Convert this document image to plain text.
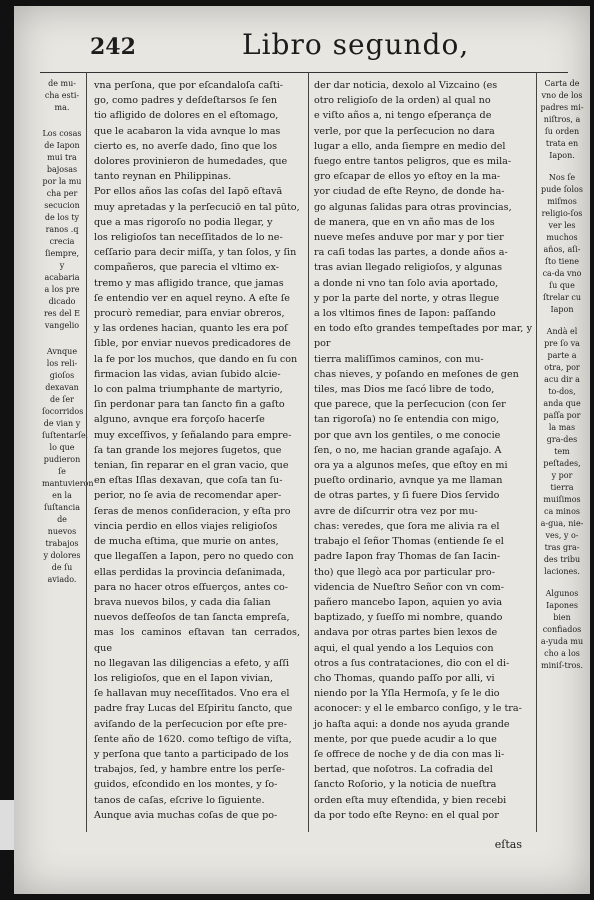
242	Libro segundo,
de mu-cha esti-ma.
Los cosas de Iapon mui tra bajosas por la mu cha per secucion de los ty ranos .q crecia ſiempre, y acabaria a los pre dicado res del E vangelio
Avnque los reli-gioſos dexavan de ſer ſocorridos de vian y ſuſtentarſe, lo que pudieron ſe mantuvieron en la ſuſtancia de nuevos trabajos y dolores de ſu aviado.

vna perſona, que por eſcandaloſa caſti-

go, como padres y deſdeſtarsos ſe ſen

tio afligido de dolores en el eſtomago,

que le acabaron la vida avnque lo mas

cierto es, no averſe dado, ſino que los

dolores provinieron de humedades, que

tanto reynan en Philippinas.

Por ellos años las coſas del Iapō eſtavā

muy apretadas y la perſecuciō en tal pūto,

que a mas rigoroſo no podia llegar, y

los religioſos tan neceſſitados de lo ne-

ceſſario para decir miſſa, y tan ſolos, y ſin

compañeros, que parecia el vltimo ex-

tremo y mas afligido trance, que jamas

ſe entendio ver en aquel reyno. A eſte ſe

procurò remediar, para enviar obreros,

y las ordenes hacian, quanto les era poſ

ſible, por enviar nuevos predicadores de

la fe por los muchos, que dando en ſu con

firmacion las vidas, avian ſubido alcie-

lo con palma triumphante de martyrio,

ſin perdonar para tan ſancto fin a gaſto

alguno, avnque era forçoſo hacerſe

muy exceſſivos, y ſeñalando para empre-

ſa tan grande los mejores ſugetos, que

tenian, ſin reparar en el gran vacio, que

en eſtas Iſlas dexavan, que coſa tan ſu-

perior, no ſe avia de recomendar aper-

ſeras de menos conſideracion, y eſta pro

vincia perdio en ellos viajes religioſos

de mucha eſtima, que murie on antes,

que llegaſſen a Iapon, pero no quedo con

ellas perdidas la provincia deſanimada,

para no hacer otros eſfuerços, antes co-

brava nuevos bilos, y cada dia ſalian

nuevos deſſeoſos de tan ſancta empreſa,

mas los caminos eſtavan tan cerrados, que

no llegavan las diligencias a efeto, y aſſi

los religioſos, que en el Iapon vivian,

ſe hallavan muy neceſſitados. Vno era el

padre fray Lucas del Eſpiritu ſancto, que

aviſando de la perſecucion por eſte pre-

ſente año de 1620. como teſtigo de viſta,

y perſona que tanto a participado de los

trabajos, ſed, y hambre entre los perſe-

guidos, eſcondido en los montes, y ſo-

tanos de caſas, eſcrive lo ſiguiente.

Aunque avia muchas coſas de que po-

der dar noticia, dexolo al Vizcaino (es

otro religioſo de la orden) al qual no

e viſto años a, ni tengo eſperança de

verle, por que la perſecucion no dara

lugar a ello, anda ſiempre en medio del

fuego entre tantos peligros, que es mila-

gro eſcapar de ellos yo eſtoy en la ma-

yor ciudad de eſte Reyno, de donde ha-

go algunas ſalidas para otras provincias,

de manera, que en vn año mas de los

nueve meſes anduve por mar y por tier

ra caſi todas las partes, a donde años a-

tras avian llegado religioſos, y algunas

a donde ni vno tan ſolo avia aportado,

y por la parte del norte, y otras llegue

a los vltimos fines de Iapon: paſſando

en todo eſto grandes tempeſtades por mar, y por

tierra maliſſimos caminos, con mu-

chas nieves, y poſando en meſones de gen

tiles, mas Dios me ſacó libre de todo,

que parece, que la perſecucion (con ſer

tan rigoroſa) no ſe entendia con migo,

por que avn los gentiles, o me conocie

ſen, o no, me hacian grande agaſajo. A

ora ya a algunos meſes, que eſtoy en mi

pueſto ordinario, avnque ya me llaman

de otras partes, y ſi fuere Dios ſervido

avre de diſcurrir otra vez por mu-

chas: veredes, que ſora me alivia ra el

trabajo el ſeñor Thomas (entiende ſe el

padre Iapon fray Thomas de ſan Iacin-

tho) que llegò aca por particular pro-

videncia de Nueſtro Señor con vn com-

pañero mancebo Iapon, aquien yo avia

baptizado, y ſueſſo mi nombre, quando

andava por otras partes bien lexos de

aqui, el qual yendo a los Lequios con

otros a ſus contrataciones, dio con el di-

cho Thomas, quando paſſo por alli, vi

niendo por la Yſla Hermoſa, y ſe le dio

aconocer: y el le embarco conſigo, y le tra-

jo haſta aqui: a donde nos ayuda grande

mente, por que puede acudir a lo que

ſe offrece de noche y de dia con mas li-

bertad, que noſotros. La cofradia del

ſancto Roſorio, y la noticia de nueſtra

orden eſta muy eſtendida, y bien recebi

da por todo eſte Reyno: en el qual por

Carta de vno de los padres mi-niſtros, a ſu orden trata en Iapon.
Nos ſe pude ſolos miſmos religio-ſos ver les muchos años, aſi-ſto tiene ca-da vno ſu que ſtrelar cu Iapon
Andà el pre ſo va parte a otra, por acu dir a to-dos, anda que paſſa por la mas gra-des tem peſtades, y por tierra muiſimos ca minos a-gua, nie-ves, y o-tras gra-des tribu laciones.
Algunos Iapones bien confiados a-yuda mu cho a los miniſ-tros.
eſtas
